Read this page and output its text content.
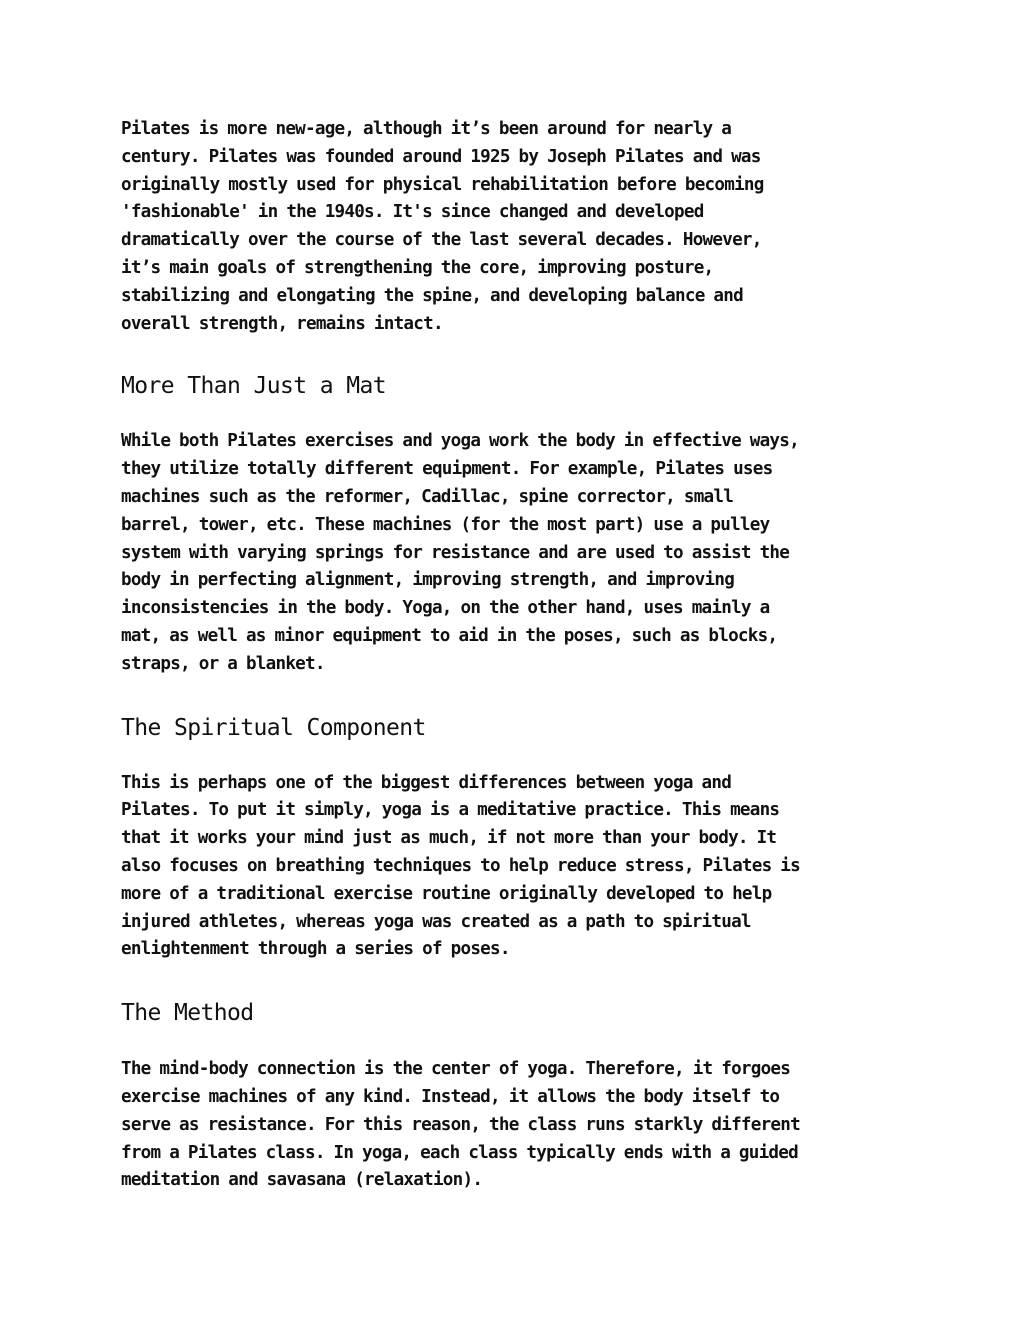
Pilates is more new-age, although it’s been around for nearly a
century. Pilates was founded around 1925 by Joseph Pilates and was
originally mostly used for physical rehabilitation before becoming
'fashionable' in the 1940s. It's since changed and developed
dramatically over the course of the last several decades. However,
it’s main goals of strengthening the core, improving posture,
stabilizing and elongating the spine, and developing balance and
overall strength, remains intact.

More Than Just a Mat

While both Pilates exercises and yoga work the body in effective ways,
they utilize totally different equipment. For example, Pilates uses
machines such as the reformer, Cadillac, spine corrector, small
barrel, tower, etc. These machines (for the most part) use a pulley
system with varying springs for resistance and are used to assist the
body in perfecting alignment, improving strength, and improving
inconsistencies in the body. Yoga, on the other hand, uses mainly a
mat, as well as minor equipment to aid in the poses, such as blocks,
straps, or a blanket.

The Spiritual Component

This is perhaps one of the biggest differences between yoga and
Pilates. To put it simply, yoga is a meditative practice. This means
that it works your mind just as much, if not more than your body. It
also focuses on breathing techniques to help reduce stress, Pilates is
more of a traditional exercise routine originally developed to help
injured athletes, whereas yoga was created as a path to spiritual
enlightenment through a series of poses.

The Method

The mind-body connection is the center of yoga. Therefore, it forgoes
exercise machines of any kind. Instead, it allows the body itself to
serve as resistance. For this reason, the class runs starkly different
from a Pilates class. In yoga, each class typically ends with a guided
meditation and savasana (relaxation).
